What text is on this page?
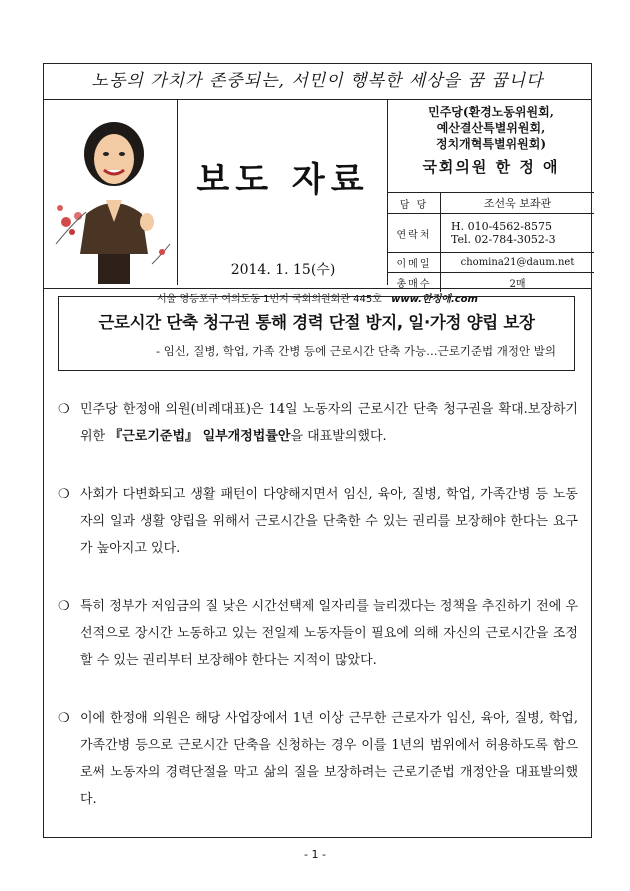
노동의 가치가 존중되는, 서민이 행복한 세상을 꿈 꿉니다
보도 자료
2014. 1. 15(수)
민주당(환경노동위원회,
예산결산특별위원회,
정치개혁특별위원회)
국회의원 한 정 애
담 당	조선욱 보좌관
연락처	H. 010-4562-8575
Tel. 02-784-3052-3

이메일	chomina21@daum.net
총매수	2매
서울 영등포구 여의도동 1번지 국회의원회관 445호 www.한정애.com
근로시간 단축 청구권 통해 경력 단절 방지, 일·가정 양립 보장
- 임신, 질병, 학업, 가족 간병 등에 근로시간 단축 가능…근로기준법 개정안 발의
❍ 민주당 한정애 의원(비례대표)은 14일 노동자의 근로시간 단축 청구권을 확대.보장하기 위한 『근로기준법』 일부개정법률안을 대표발의했다.
❍ 사회가 다변화되고 생활 패턴이 다양해지면서 임신, 육아, 질병, 학업, 가족간병 등 노동자의 일과 생활 양립을 위해서 근로시간을 단축한 수 있는 권리를 보장해야 한다는 요구가 높아지고 있다.
❍ 특히 정부가 저임금의 질 낮은 시간선택제 일자리를 늘리겠다는 정책을 추진하기 전에 우선적으로 장시간 노동하고 있는 전일제 노동자들이 필요에 의해 자신의 근로시간을 조정할 수 있는 권리부터 보장해야 한다는 지적이 많았다.
❍ 이에 한정애 의원은 해당 사업장에서 1년 이상 근무한 근로자가 임신, 육아, 질병, 학업, 가족간병 등으로 근로시간 단축을 신청하는 경우 이를 1년의 범위에서 허용하도록 함으로써 노동자의 경력단절을 막고 삶의 질을 보장하려는 근로기준법 개정안을 대표발의했다.
- 1 -
